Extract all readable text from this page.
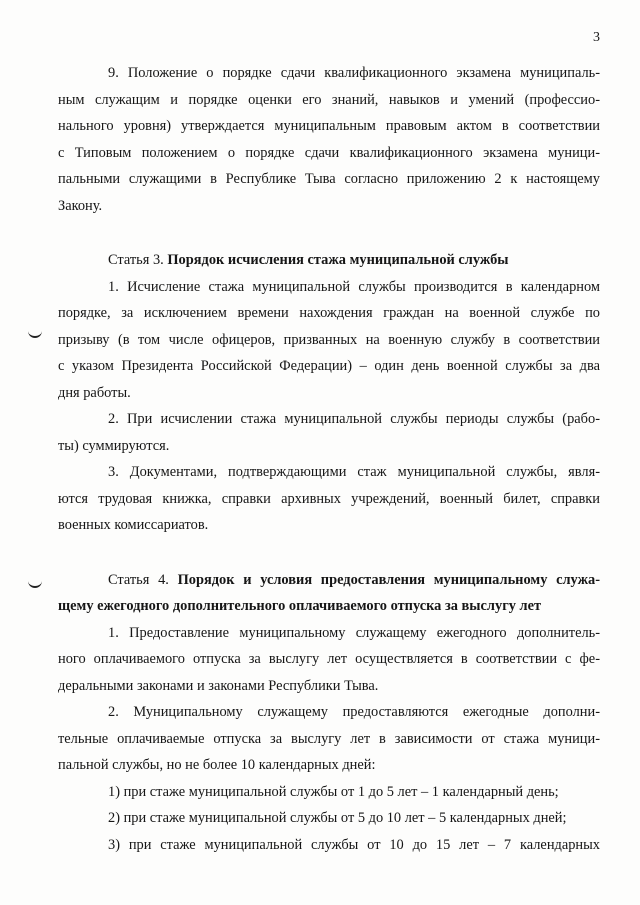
3
9. Положение о порядке сдачи квалификационного экзамена муниципаль-
ным служащим и порядке оценки его знаний, навыков и умений (профессио-
нального уровня) утверждается муниципальным правовым актом в соответствии
с Типовым положением о порядке сдачи квалификационного экзамена муници-
пальными служащими в Республике Тыва согласно приложению 2 к настоящему
Закону.
Статья 3. Порядок исчисления стажа муниципальной службы
1. Исчисление стажа муниципальной службы производится в календарном
порядке, за исключением времени нахождения граждан на военной службе по
призыву (в том числе офицеров, призванных на военную службу в соответствии
с указом Президента Российской Федерации) – один день военной службы за два
дня работы.
2. При исчислении стажа муниципальной службы периоды службы (рабо-
ты) суммируются.
3. Документами, подтверждающими стаж муниципальной службы, явля-
ются трудовая книжка, справки архивных учреждений, военный билет, справки
военных комиссариатов.
Статья 4. Порядок и условия предоставления муниципальному служа-
щему ежегодного дополнительного оплачиваемого отпуска за выслугу лет
1. Предоставление муниципальному служащему ежегодного дополнитель-
ного оплачиваемого отпуска за выслугу лет осуществляется в соответствии с фе-
деральными законами и законами Республики Тыва.
2. Муниципальному служащему предоставляются ежегодные дополни-
тельные оплачиваемые отпуска за выслугу лет в зависимости от стажа муници-
пальной службы, но не более 10 календарных дней:
1) при стаже муниципальной службы от 1 до 5 лет – 1 календарный день;
2) при стаже муниципальной службы от 5 до 10 лет – 5 календарных дней;
3) при стаже муниципальной службы от 10 до 15 лет – 7 календарных
